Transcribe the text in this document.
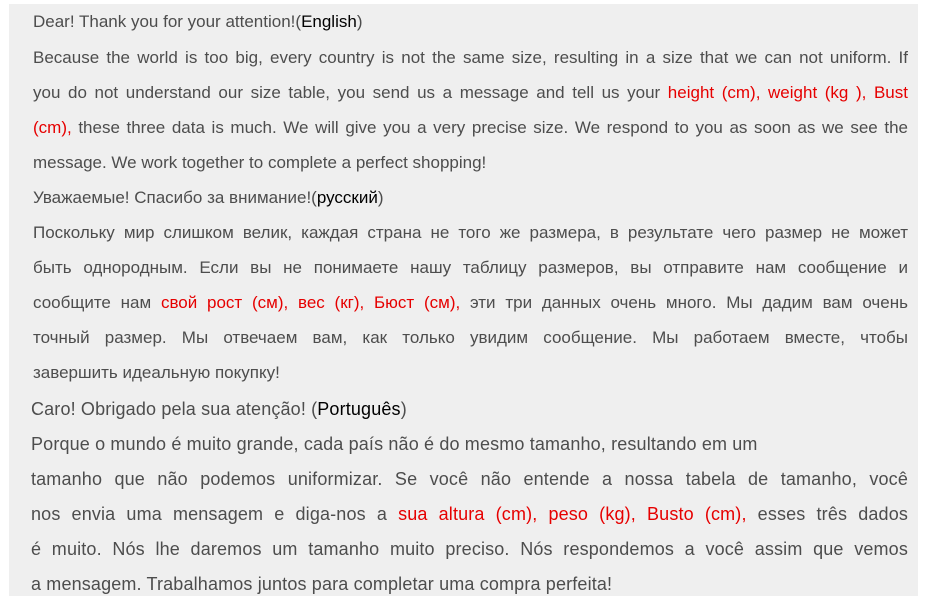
Dear! Thank you for your attention!(English)
Because the world is too big, every country is not the same size, resulting in a size that we can not uniform. If
you do not understand our size table, you send us a message and tell us your height (cm), weight (kg ), Bust
(cm), these three data is much. We will give you a very precise size. We respond to you as soon as we see the
message. We work together to complete a perfect shopping!
Уважаемые! Спасибо за внимание!(русский)
Поскольку мир слишком велик, каждая страна не того же размера, в результате чего размер не может
быть однородным. Если вы не понимаете нашу таблицу размеров, вы отправите нам сообщение и
сообщите нам свой рост (см), вес (кг), Бюст (см), эти три данных очень много. Мы дадим вам очень
точный размер. Мы отвечаем вам, как только увидим сообщение. Мы работаем вместе, чтобы
завершить идеальную покупку!
Caro! Obrigado pela sua atenção! (Português)
Porque o mundo é muito grande, cada país não é do mesmo tamanho, resultando em um
tamanho que não podemos uniformizar. Se você não entende a nossa tabela de tamanho, você
nos envia uma mensagem e diga-nos a sua altura (cm), peso (kg), Busto (cm), esses três dados
é muito. Nós lhe daremos um tamanho muito preciso. Nós respondemos a você assim que vemos
a mensagem. Trabalhamos juntos para completar uma compra perfeita!
